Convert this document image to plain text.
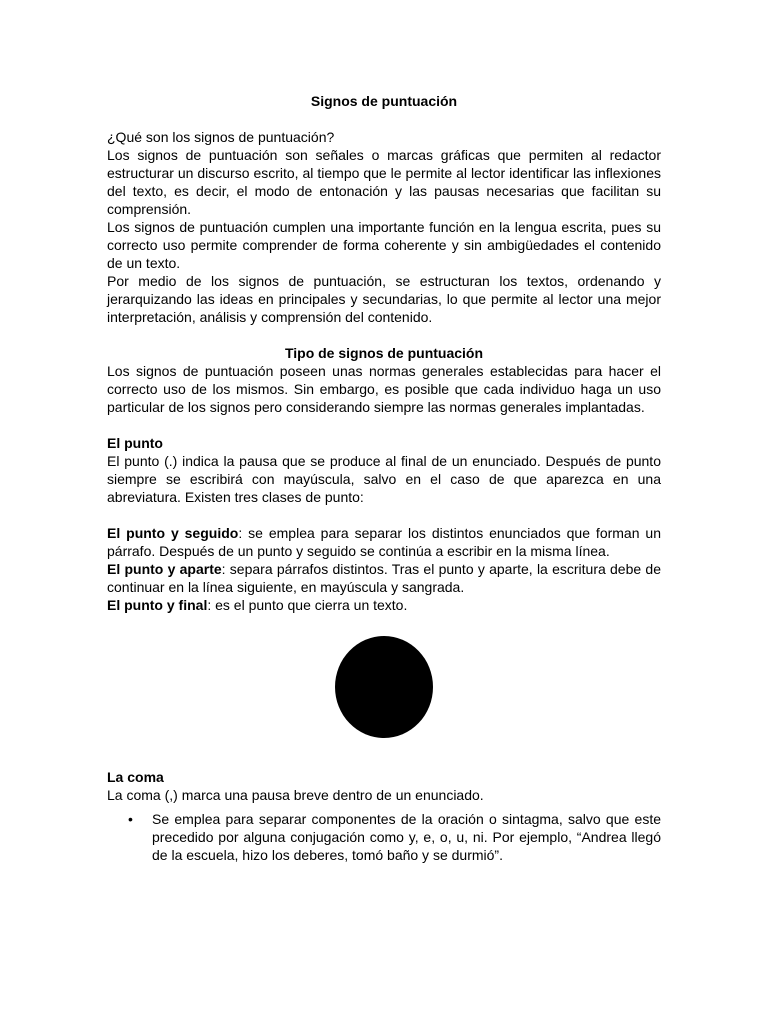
Signos de puntuación

¿Qué son los signos de puntuación?

Los signos de puntuación son señales o marcas gráficas que permiten al redactor estructurar un discurso escrito, al tiempo que le permite al lector identificar las inflexiones del texto, es decir, el modo de entonación y las pausas necesarias que facilitan su comprensión.

Los signos de puntuación cumplen una importante función en la lengua escrita, pues su correcto uso permite comprender de forma coherente y sin ambigüedades el contenido de un texto.

Por medio de los signos de puntuación, se estructuran los textos, ordenando y jerarquizando las ideas en principales y secundarias, lo que permite al lector una mejor interpretación, análisis y comprensión del contenido.

Tipo de signos de puntuación

Los signos de puntuación poseen unas normas generales establecidas para hacer el correcto uso de los mismos. Sin embargo, es posible que cada individuo haga un uso particular de los signos pero considerando siempre las normas generales implantadas.

El punto

El punto (.) indica la pausa que se produce al final de un enunciado. Después de punto siempre se escribirá con mayúscula, salvo en el caso de que aparezca en una abreviatura. Existen tres clases de punto:

El punto y seguido: se emplea para separar los distintos enunciados que forman un párrafo. Después de un punto y seguido se continúa a escribir en la misma línea.

El punto y aparte: separa párrafos distintos. Tras el punto y aparte, la escritura debe de continuar en la línea siguiente, en mayúscula y sangrada.

El punto y final: es el punto que cierra un texto.

La coma

La coma (,) marca una pausa breve dentro de un enunciado.

• Se emplea para separar componentes de la oración o sintagma, salvo que este precedido por alguna conjugación como y, e, o, u, ni. Por ejemplo, “Andrea llegó de la escuela, hizo los deberes, tomó baño y se durmió”.
